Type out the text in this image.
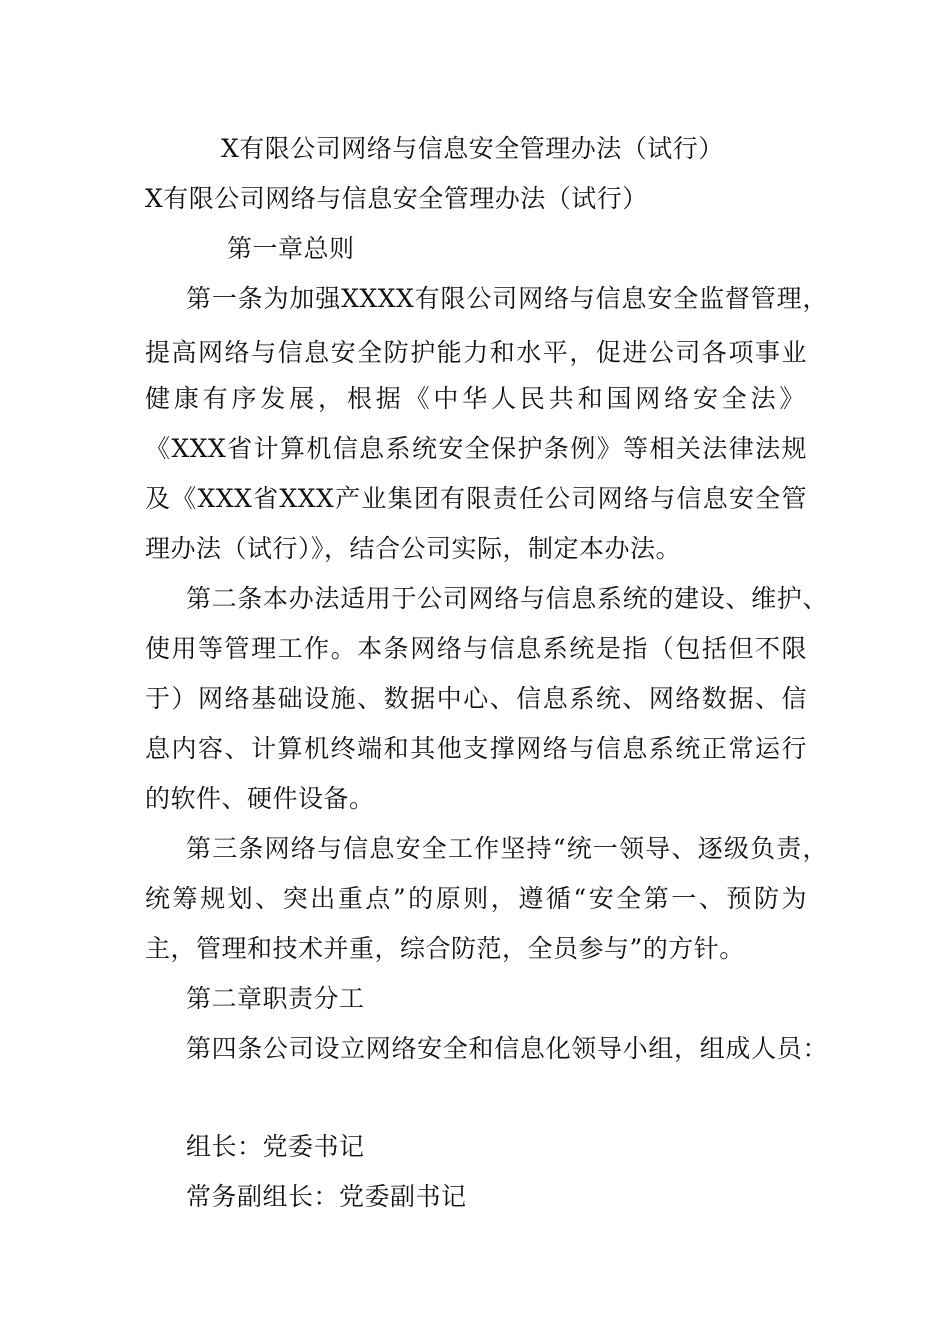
X有限公司网络与信息安全管理办法（试行）
X有限公司网络与信息安全管理办法（试行）
第一章总则
第一条为加强XXXX有限公司网络与信息安全监督管理，
提高网络与信息安全防护能力和水平，促进公司各项事业
健康有序发展，根据《中华人民共和国网络安全法》
《XXX省计算机信息系统安全保护条例》等相关法律法规
及《XXX省XXX产业集团有限责任公司网络与信息安全管
理办法（试行）》，结合公司实际，制定本办法。
第二条本办法适用于公司网络与信息系统的建设、维护、
使用等管理工作。本条网络与信息系统是指（包括但不限
于）网络基础设施、数据中心、信息系统、网络数据、信
息内容、计算机终端和其他支撑网络与信息系统正常运行
的软件、硬件设备。
第三条网络与信息安全工作坚持“统一领导、逐级负责，
统筹规划、突出重点”的原则，遵循“安全第一、预防为
主，管理和技术并重，综合防范，全员参与”的方针。
第二章职责分工
第四条公司设立网络安全和信息化领导小组，组成人员：
组长：党委书记
常务副组长：党委副书记
